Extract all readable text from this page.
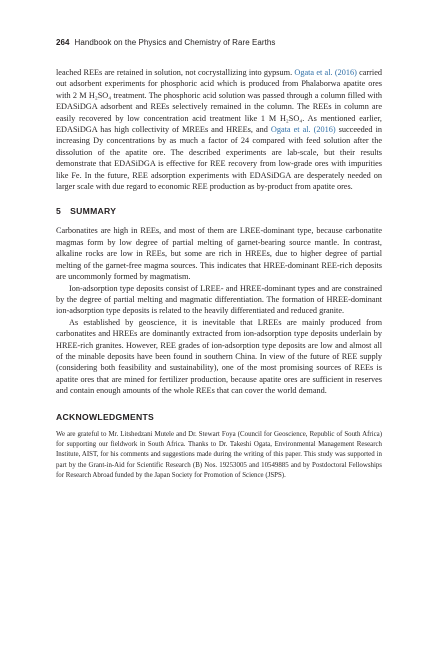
264 Handbook on the Physics and Chemistry of Rare Earths

leached REEs are retained in solution, not cocrystallizing into gypsum. Ogata et al. (2016) carried out adsorbent experiments for phosphoric acid which is produced from Phalaborwa apatite ores with 2 M H₂SO₄ treatment. The phosphoric acid solution was passed through a column filled with EDASiDGA adsorbent and REEs selectively remained in the column. The REEs in column are easily recovered by low concentration acid treatment like 1 M H₂SO₄. As mentioned earlier, EDASiDGA has high collectivity of MREEs and HREEs, and Ogata et al. (2016) succeeded in increasing Dy concentrations by as much a factor of 24 compared with feed solution after the dissolution of the apatite ore. The described experiments are lab-scale, but their results demonstrate that EDASiDGA is effective for REE recovery from low-grade ores with impurities like Fe. In the future, REE adsorption experiments with EDASiDGA are desperately needed on larger scale with due regard to economic REE production as by-product from apatite ores.

5 SUMMARY

Carbonatites are high in REEs, and most of them are LREE-dominant type, because carbonatite magmas form by low degree of partial melting of garnet-bearing source mantle. In contrast, alkaline rocks are low in REEs, but some are rich in HREEs, due to higher degree of partial melting of the garnet-free magma sources. This indicates that HREE-dominant REE-rich deposits are uncommonly formed by magmatism.

Ion-adsorption type deposits consist of LREE- and HREE-dominant types and are constrained by the degree of partial melting and magmatic differentiation. The formation of HREE-dominant ion-adsorption type deposits is related to the heavily differentiated and reduced granite.

As established by geoscience, it is inevitable that LREEs are mainly produced from carbonatites and HREEs are dominantly extracted from ion-adsorption type deposits underlain by HREE-rich granites. However, REE grades of ion-adsorption type deposits are low and almost all of the minable deposits have been found in southern China. In view of the future of REE supply (considering both feasibility and sustainability), one of the most promising sources of REEs is apatite ores that are mined for fertilizer production, because apatite ores are sufficient in reserves and contain enough amounts of the whole REEs that can cover the world demand.

ACKNOWLEDGMENTS

We are grateful to Mr. Litshedzani Mutele and Dr. Stewart Foya (Council for Geoscience, Republic of South Africa) for supporting our fieldwork in South Africa. Thanks to Dr. Takeshi Ogata, Environmental Management Research Institute, AIST, for his comments and suggestions made during the writing of this paper. This study was supported in part by the Grant-in-Aid for Scientific Research (B) Nos. 19253005 and 10549885 and by Postdoctoral Fellowships for Research Abroad funded by the Japan Society for Promotion of Science (JSPS).
